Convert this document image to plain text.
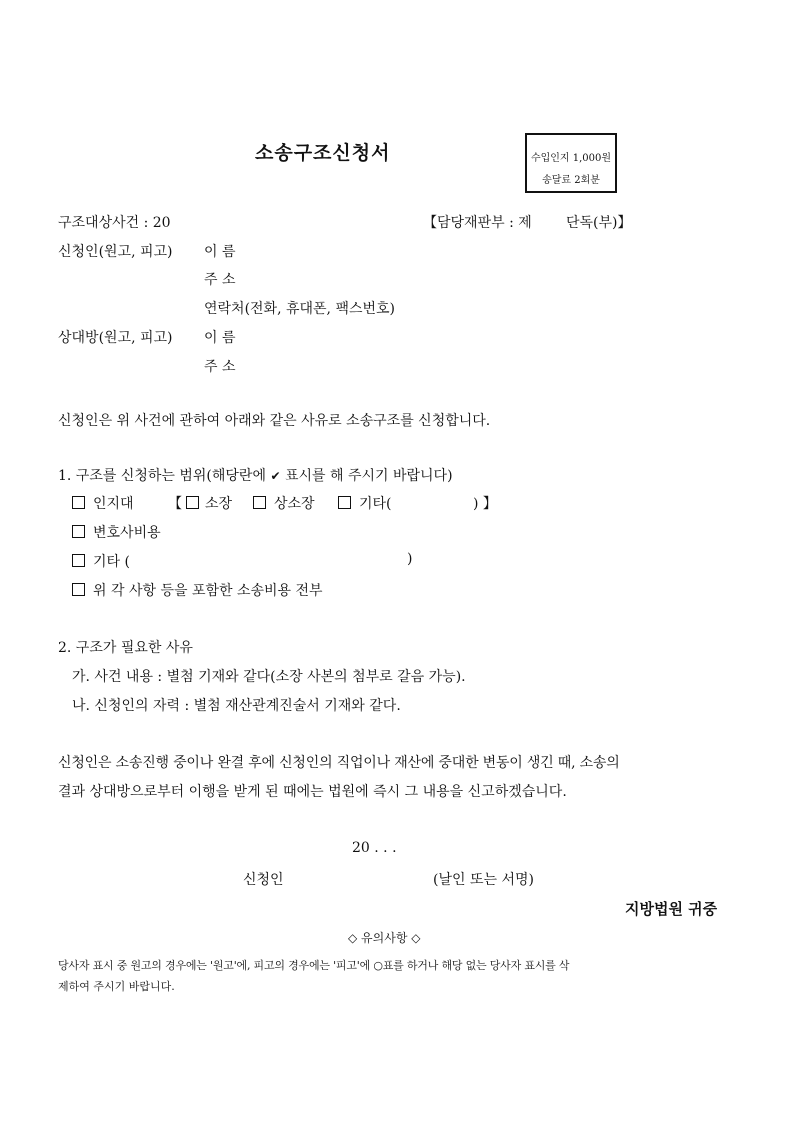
소송구조신청서	수입인지 1,000원
송달료 2회분
구조대상사건 : 20	【담당재판부 : 제 단독(부)】
신청인(원고, 피고) 이 름
주 소
연락처(전화, 휴대폰, 팩스번호)
상대방(원고, 피고) 이 름
주 소
신청인은 위 사건에 관하여 아래와 같은 사유로 소송구조를 신청합니다.
1. 구조를 신청하는 범위(해당란에 ✔ 표시를 해 주시기 바랍니다)
인지대 【 소장	상소장	기타(	) 】
변호사비용
기타 (	)
위 각 사항 등을 포함한 소송비용 전부
2. 구조가 필요한 사유
가. 사건 내용 : 별첨 기재와 같다(소장 사본의 첨부로 갈음 가능).
나. 신청인의 자력 : 별첨 재산관계진술서 기재와 같다.
신청인은 소송진행 중이나 완결 후에 신청인의 직업이나 재산에 중대한 변동이 생긴 때, 소송의
결과 상대방으로부터 이행을 받게 된 때에는 법원에 즉시 그 내용을 신고하겠습니다.
20 . . .
신청인	(날인 또는 서명)
지방법원 귀중
◇ 유의사항 ◇
당사자 표시 중 원고의 경우에는 '원고'에, 피고의 경우에는 '피고'에 ○표를 하거나 해당 없는 당사자 표시를 삭
제하여 주시기 바랍니다.
